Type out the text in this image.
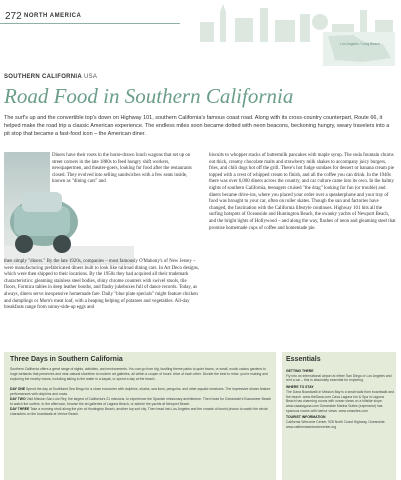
272 NORTH AMERICA
Los Angeles / Long Beach
SOUTHERN CALIFORNIA USA
Road Food in Southern California
The surf's up and the convertible top's down on Highway 101, southern California's famous coast road. Along with its cross-country counterpart, Route 66, it helped make the road trip a classic American experience. The endless miles soon became dotted with neon beacons, beckoning hungry, weary travelers into a pit stop that became a fast-food icon – the American diner.
Diners have their roots in the horse-drawn lunch wagons that set up on street corners in the late 1880s to feed hungry shift workers, newspapermen, and theater-goers, looking for food after the restaurants closed. They evolved into selling sandwiches with a few seats inside, known as "dining cars" and
then simply "diners." By the late 1920s, companies – most famously O'Mahony's of New Jersey – were manufacturing prefabricated diners built to look like railroad dining cars. In Art Deco designs, which were then shipped to their locations. By the 1950s they had acquired all their trademark characteristics: gleaming stainless steel bodies, shiny chrome counters with swivel stools, tile floors, Formica tables in deep leather booths, and flashy jukeboxes full of dance records. Today, as always, diners serve inexpensive homemade fare. Daily "blue plate specials" might feature chicken and dumplings or Mom's meat loaf, with a heaping helping of potatoes and vegetables. All-day breakfasts range from sunny-side-up eggs and
biscuits to whopper stacks of buttermilk pancakes with maple syrup. The soda fountain churns out thick, creamy chocolate malts and strawberry milk shakes to accompany juicy burgers, fries, and chili dogs hot off the grill. There's hot fudge sundaes for dessert or banana cream pie topped with a crest of whipped cream to finish, and all the coffee you can drink. In the 1940s there was over 6,000 diners across the country, and car culture came into its own. In the balmy nights of southern California, teenagers cruised "the drag" looking for fun (or trouble) and diners became drive-ins, where you placed your order over a speakerphone and your tray of food was brought to your car, often on roller skates. Though the sun and factories have changed, the fascination with the California lifestyle continues. Highway 101 hits all the surfing hotspots of Oceanside and Huntington Beach, the swanky yachts of Newport Beach, and the bright lights of Hollywood – and along the way, flashes of neon and gleaming steel that promise homemade cups of coffee and homemade pie.
Three Days in Southern California
Southern California offers a great range of sights, activities, and environments. You can go from big, bustling theme parks to quiet towns, or small, exotic cactus gardens to huge wetlands that preserves and near-natural shoreline to modern art galleries, all within a couple of hours' drive of each other. Decide the best to relax: you're making and exploring the nearby towns, including taking to the water in a kayak, or spend a day at the beach.

DAY ONE Spend the day at Southland Sea Bingo for a close encounter with dolphins, sharks, sea lions, penguins, and other aquatic creatures. The impressive shows feature performances with dolphins and orcas.
DAY TWO Visit Mission San Luis Rey, the largest of California's 21 missions, to experience the Spanish missionary architecture. Then head for Oceanside's Buccaneer Beach to watch the surfers. In the afternoon, browse the art galleries of Laguna Beach, or admire the yachts at Newport Beach.
DAY THREE Take a morning stroll along the pier at Huntington Beach, another top surf city. Then head into Los Angeles and the crowds of tourist photos to watch the whole characters on the boardwalk at Venice Beach.
Essentials
GETTING THERE
Fly into an international airport at either San Diego or Los Angeles and rent a car – this is absolutely essential for exploring.
WHERE TO STAY
The Dana Boardwalk in Mission Bay is a small walk from boardwalk and the beach. www.theDana.com Casa Laguna Inn & Spa in Laguna Beach has charming rooms with ocean views on a hillside slope. www.casalaguna.com Oceanside Marina Suites (expensive) has spacious rooms with harbor views. www.omsuites.com
TOURIST INFORMATION
California Welcome Center, 928 North Coast Highway, Oceanside. www.californiawelcomecenter.org
